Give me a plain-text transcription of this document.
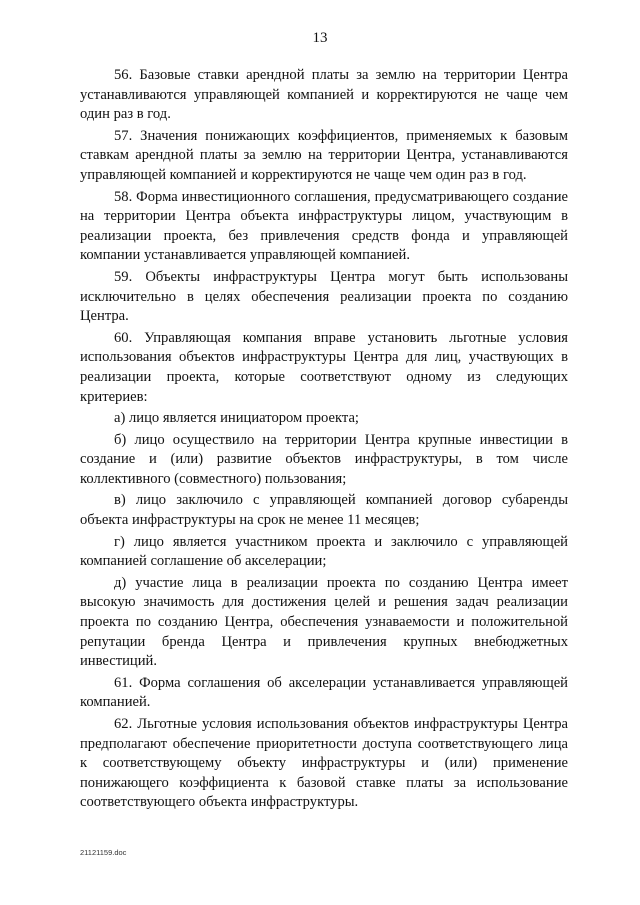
13

56. Базовые ставки арендной платы за землю на территории Центра устанавливаются управляющей компанией и корректируются не чаще чем один раз в год.

57. Значения понижающих коэффициентов, применяемых к базовым ставкам арендной платы за землю на территории Центра, устанавливаются управляющей компанией и корректируются не чаще чем один раз в год.

58. Форма инвестиционного соглашения, предусматривающего создание на территории Центра объекта инфраструктуры лицом, участвующим в реализации проекта, без привлечения средств фонда и управляющей компании устанавливается управляющей компанией.

59. Объекты инфраструктуры Центра могут быть использованы исключительно в целях обеспечения реализации проекта по созданию Центра.

60. Управляющая компания вправе установить льготные условия использования объектов инфраструктуры Центра для лиц, участвующих в реализации проекта, которые соответствуют одному из следующих критериев:

а) лицо является инициатором проекта;

б) лицо осуществило на территории Центра крупные инвестиции в создание и (или) развитие объектов инфраструктуры, в том числе коллективного (совместного) пользования;

в) лицо заключило с управляющей компанией договор субаренды объекта инфраструктуры на срок не менее 11 месяцев;

г) лицо является участником проекта и заключило с управляющей компанией соглашение об акселерации;

д) участие лица в реализации проекта по созданию Центра имеет высокую значимость для достижения целей и решения задач реализации проекта по созданию Центра, обеспечения узнаваемости и положительной репутации бренда Центра и привлечения крупных внебюджетных инвестиций.

61. Форма соглашения об акселерации устанавливается управляющей компанией.

62. Льготные условия использования объектов инфраструктуры Центра предполагают обеспечение приоритетности доступа соответствующего лица к соответствующему объекту инфраструктуры и (или) применение понижающего коэффициента к базовой ставке платы за использование соответствующего объекта инфраструктуры.

21121159.doc
